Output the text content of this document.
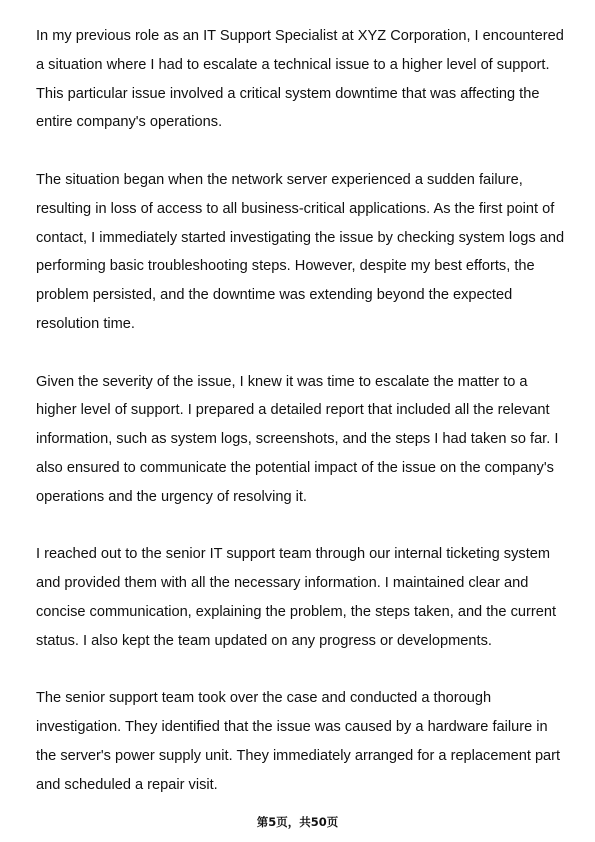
In my previous role as an IT Support Specialist at XYZ Corporation, I encountered
a situation where I had to escalate a technical issue to a higher level of support.
This particular issue involved a critical system downtime that was affecting the
entire company's operations.

The situation began when the network server experienced a sudden failure,
resulting in loss of access to all business-critical applications. As the first point of
contact, I immediately started investigating the issue by checking system logs and
performing basic troubleshooting steps. However, despite my best efforts, the
problem persisted, and the downtime was extending beyond the expected
resolution time.

Given the severity of the issue, I knew it was time to escalate the matter to a
higher level of support. I prepared a detailed report that included all the relevant
information, such as system logs, screenshots, and the steps I had taken so far. I
also ensured to communicate the potential impact of the issue on the company's
operations and the urgency of resolving it.

I reached out to the senior IT support team through our internal ticketing system
and provided them with all the necessary information. I maintained clear and
concise communication, explaining the problem, the steps taken, and the current
status. I also kept the team updated on any progress or developments.

The senior support team took over the case and conducted a thorough
investigation. They identified that the issue was caused by a hardware failure in
the server's power supply unit. They immediately arranged for a replacement part
and scheduled a repair visit.

第5页，共50页
